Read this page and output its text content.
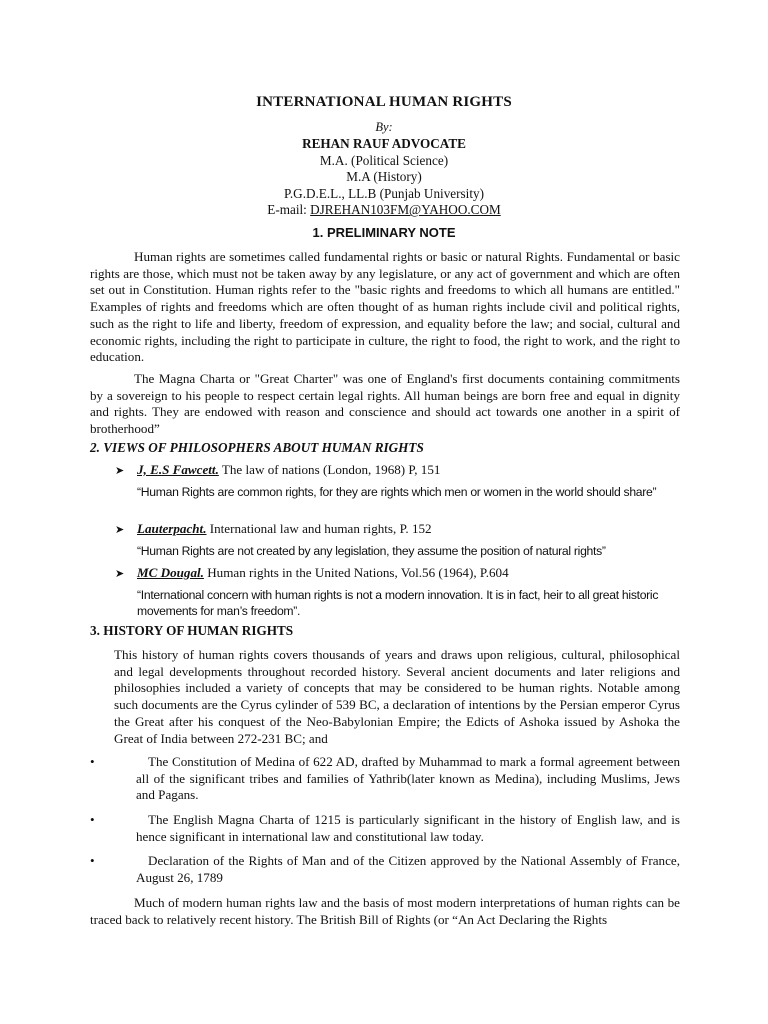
INTERNATIONAL HUMAN RIGHTS
By:
REHAN RAUF ADVOCATE
M.A. (Political Science)
M.A (History)
P.G.D.E.L., LL.B (Punjab University)
E-mail: DJREHAN103FM@YAHOO.COM
1. PRELIMINARY NOTE
Human rights are sometimes called fundamental rights or basic or natural Rights. Fundamental or basic rights are those, which must not be taken away by any legislature, or any act of government and which are often set out in Constitution. Human rights refer to the "basic rights and freedoms to which all humans are entitled." Examples of rights and freedoms which are often thought of as human rights include civil and political rights, such as the right to life and liberty, freedom of expression, and equality before the law; and social, cultural and economic rights, including the right to participate in culture, the right to food, the right to work, and the right to education.
The Magna Charta or "Great Charter" was one of England's first documents containing commitments by a sovereign to his people to respect certain legal rights. All human beings are born free and equal in dignity and rights. They are endowed with reason and conscience and should act towards one another in a spirit of brotherhood”
2. VIEWS OF PHILOSOPHERS ABOUT HUMAN RIGHTS
➤ J, E.S Fawcett. The law of nations (London, 1968) P, 151
“Human Rights are common rights, for they are rights which men or women in the world should share”
➤ Lauterpacht. International law and human rights, P. 152
“Human Rights are not created by any legislation, they assume the position of natural rights”
➤ MC Dougal. Human rights in the United Nations, Vol.56 (1964), P.604
“International concern with human rights is not a modern innovation. It is in fact, heir to all great historic movements for man’s freedom”.
3. HISTORY OF HUMAN RIGHTS
This history of human rights covers thousands of years and draws upon religious, cultural, philosophical and legal developments throughout recorded history. Several ancient documents and later religions and philosophies included a variety of concepts that may be considered to be human rights. Notable among such documents are the Cyrus cylinder of 539 BC, a declaration of intentions by the Persian emperor Cyrus the Great after his conquest of the Neo-Babylonian Empire; the Edicts of Ashoka issued by Ashoka the Great of India between 272-231 BC; and
•	The Constitution of Medina of 622 AD, drafted by Muhammad to mark a formal agreement between all of the significant tribes and families of Yathrib(later known as Medina), including Muslims, Jews and Pagans.
•	The English Magna Charta of 1215 is particularly significant in the history of English law, and is hence significant in international law and constitutional law today.
•	Declaration of the Rights of Man and of the Citizen approved by the National Assembly of France, August 26, 1789
Much of modern human rights law and the basis of most modern interpretations of human rights can be traced back to relatively recent history. The British Bill of Rights (or “An Act Declaring the Rights
